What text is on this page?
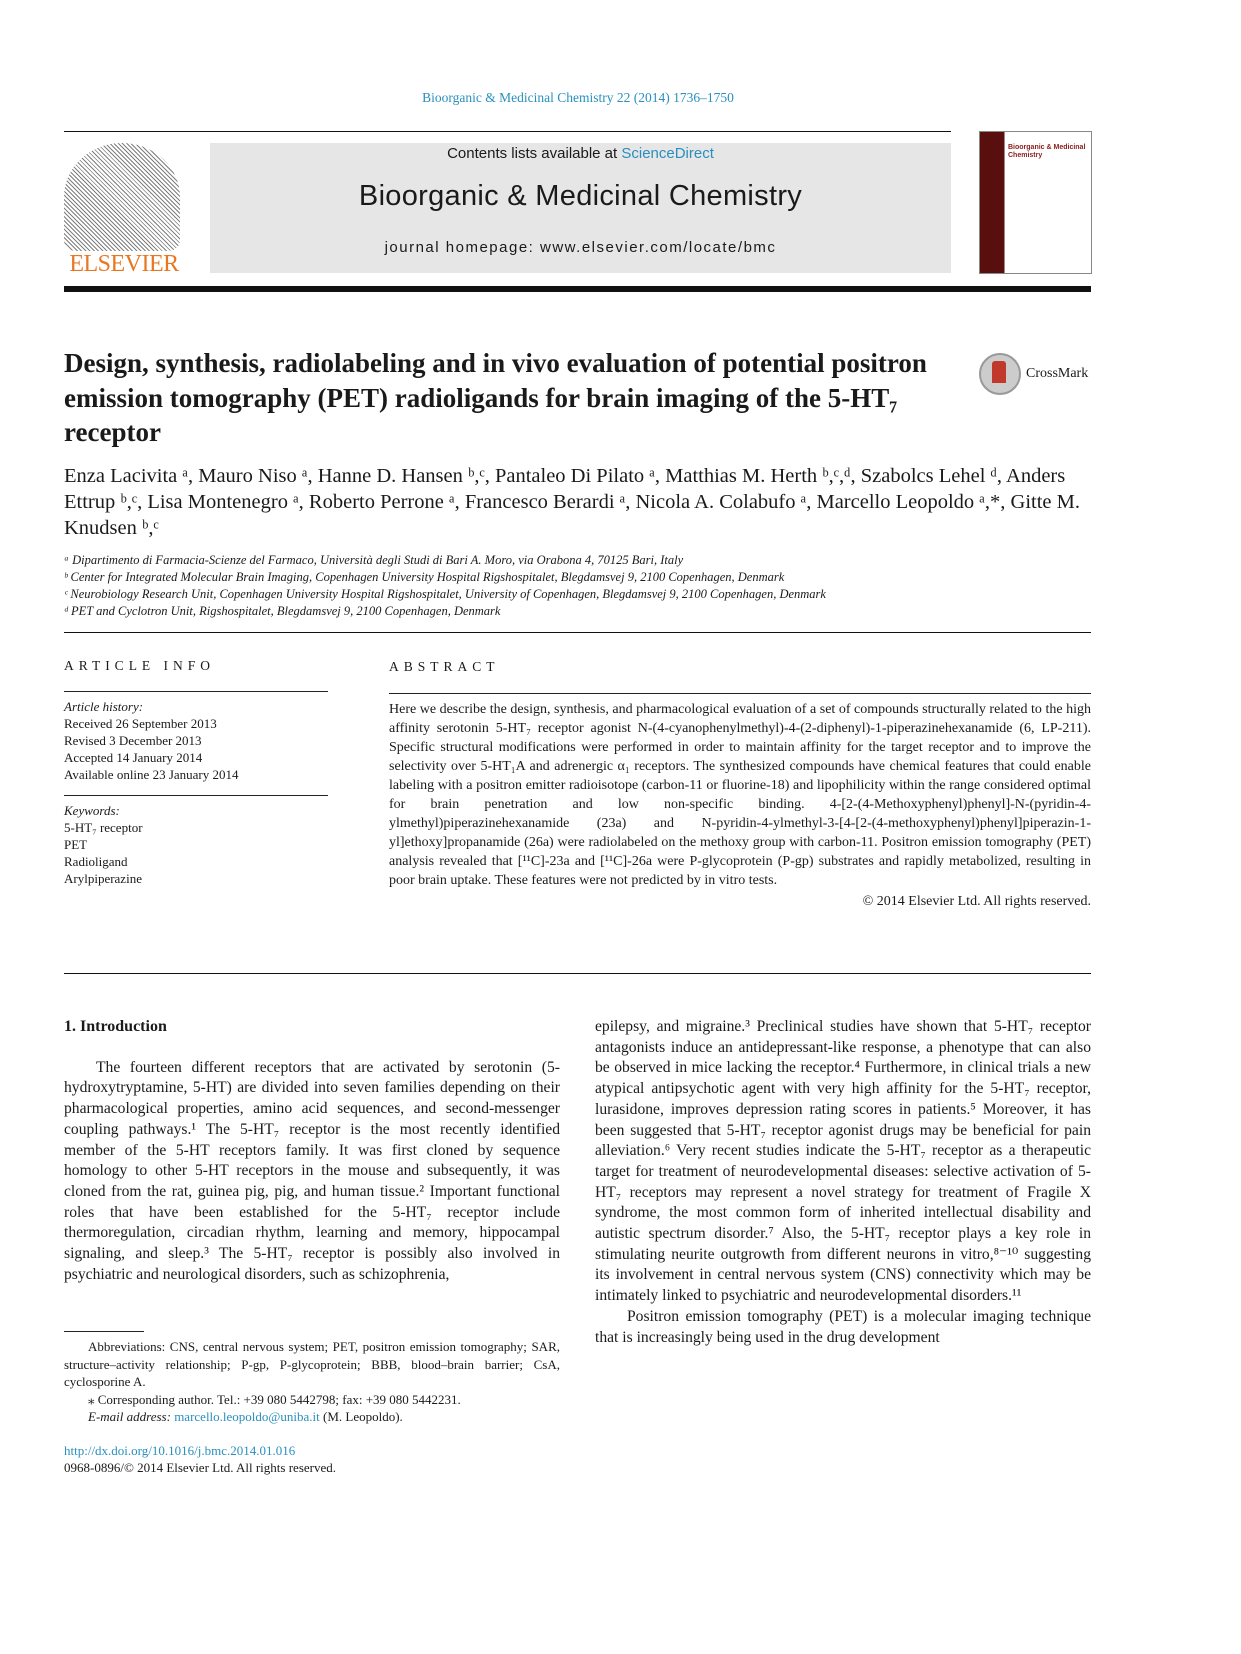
Bioorganic & Medicinal Chemistry 22 (2014) 1736–1750
ELSEVIER
Contents lists available at ScienceDirect
Bioorganic & Medicinal Chemistry
journal homepage: www.elsevier.com/locate/bmc
Bioorganic & Medicinal Chemistry
Design, synthesis, radiolabeling and in vivo evaluation of potential positron emission tomography (PET) radioligands for brain imaging of the 5-HT₇ receptor
CrossMark
Enza Lacivita ᵃ, Mauro Niso ᵃ, Hanne D. Hansen ᵇ,ᶜ, Pantaleo Di Pilato ᵃ, Matthias M. Herth ᵇ,ᶜ,ᵈ, Szabolcs Lehel ᵈ, Anders Ettrup ᵇ,ᶜ, Lisa Montenegro ᵃ, Roberto Perrone ᵃ, Francesco Berardi ᵃ, Nicola A. Colabufo ᵃ, Marcello Leopoldo ᵃ,*, Gitte M. Knudsen ᵇ,ᶜ
ᵃ Dipartimento di Farmacia-Scienze del Farmaco, Università degli Studi di Bari A. Moro, via Orabona 4, 70125 Bari, Italy
ᵇ Center for Integrated Molecular Brain Imaging, Copenhagen University Hospital Rigshospitalet, Blegdamsvej 9, 2100 Copenhagen, Denmark
ᶜ Neurobiology Research Unit, Copenhagen University Hospital Rigshospitalet, University of Copenhagen, Blegdamsvej 9, 2100 Copenhagen, Denmark
ᵈ PET and Cyclotron Unit, Rigshospitalet, Blegdamsvej 9, 2100 Copenhagen, Denmark
ARTICLE INFO
Article history:
Received 26 September 2013
Revised 3 December 2013
Accepted 14 January 2014
Available online 23 January 2014
Keywords:
5-HT₇ receptor
PET
Radioligand
Arylpiperazine
ABSTRACT

Here we describe the design, synthesis, and pharmacological evaluation of a set of compounds structurally related to the high affinity serotonin 5-HT₇ receptor agonist N-(4-cyanophenylmethyl)-4-(2-diphenyl)-1-piperazinehexanamide (6, LP-211). Specific structural modifications were performed in order to maintain affinity for the target receptor and to improve the selectivity over 5-HT₁A and adrenergic α₁ receptors. The synthesized compounds have chemical features that could enable labeling with a positron emitter radioisotope (carbon-11 or fluorine-18) and lipophilicity within the range considered optimal for brain penetration and low non-specific binding. 4-[2-(4-Methoxyphenyl)phenyl]-N-(pyridin-4-ylmethyl)piperazinehexanamide (23a) and N-pyridin-4-ylmethyl-3-[4-[2-(4-methoxyphenyl)phenyl]piperazin-1-yl]ethoxy]propanamide (26a) were radiolabeled on the methoxy group with carbon-11. Positron emission tomography (PET) analysis revealed that [¹¹C]-23a and [¹¹C]-26a were P-glycoprotein (P-gp) substrates and rapidly metabolized, resulting in poor brain uptake. These features were not predicted by in vitro tests.

© 2014 Elsevier Ltd. All rights reserved.
1. Introduction

The fourteen different receptors that are activated by serotonin (5-hydroxytryptamine, 5-HT) are divided into seven families depending on their pharmacological properties, amino acid sequences, and second-messenger coupling pathways.¹ The 5-HT₇ receptor is the most recently identified member of the 5-HT receptors family. It was first cloned by sequence homology to other 5-HT receptors in the mouse and subsequently, it was cloned from the rat, guinea pig, pig, and human tissue.² Important functional roles that have been established for the 5-HT₇ receptor include thermoregulation, circadian rhythm, learning and memory, hippocampal signaling, and sleep.³ The 5-HT₇ receptor is possibly also involved in psychiatric and neurological disorders, such as schizophrenia,

epilepsy, and migraine.³ Preclinical studies have shown that 5-HT₇ receptor antagonists induce an antidepressant-like response, a phenotype that can also be observed in mice lacking the receptor.⁴ Furthermore, in clinical trials a new atypical antipsychotic agent with very high affinity for the 5-HT₇ receptor, lurasidone, improves depression rating scores in patients.⁵ Moreover, it has been suggested that 5-HT₇ receptor agonist drugs may be beneficial for pain alleviation.⁶ Very recent studies indicate the 5-HT₇ receptor as a therapeutic target for treatment of neurodevelopmental diseases: selective activation of 5-HT₇ receptors may represent a novel strategy for treatment of Fragile X syndrome, the most common form of inherited intellectual disability and autistic spectrum disorder.⁷ Also, the 5-HT₇ receptor plays a key role in stimulating neurite outgrowth from different neurons in vitro,⁸⁻¹⁰ suggesting its involvement in central nervous system (CNS) connectivity which may be intimately linked to psychiatric and neurodevelopmental disorders.¹¹

Positron emission tomography (PET) is a molecular imaging technique that is increasingly being used in the drug development

Abbreviations: CNS, central nervous system; PET, positron emission tomography; SAR, structure–activity relationship; P-gp, P-glycoprotein; BBB, blood–brain barrier; CsA, cyclosporine A.

⁎ Corresponding author. Tel.: +39 080 5442798; fax: +39 080 5442231.

E-mail address: marcello.leopoldo@uniba.it (M. Leopoldo).

http://dx.doi.org/10.1016/j.bmc.2014.01.016
0968-0896/© 2014 Elsevier Ltd. All rights reserved.
